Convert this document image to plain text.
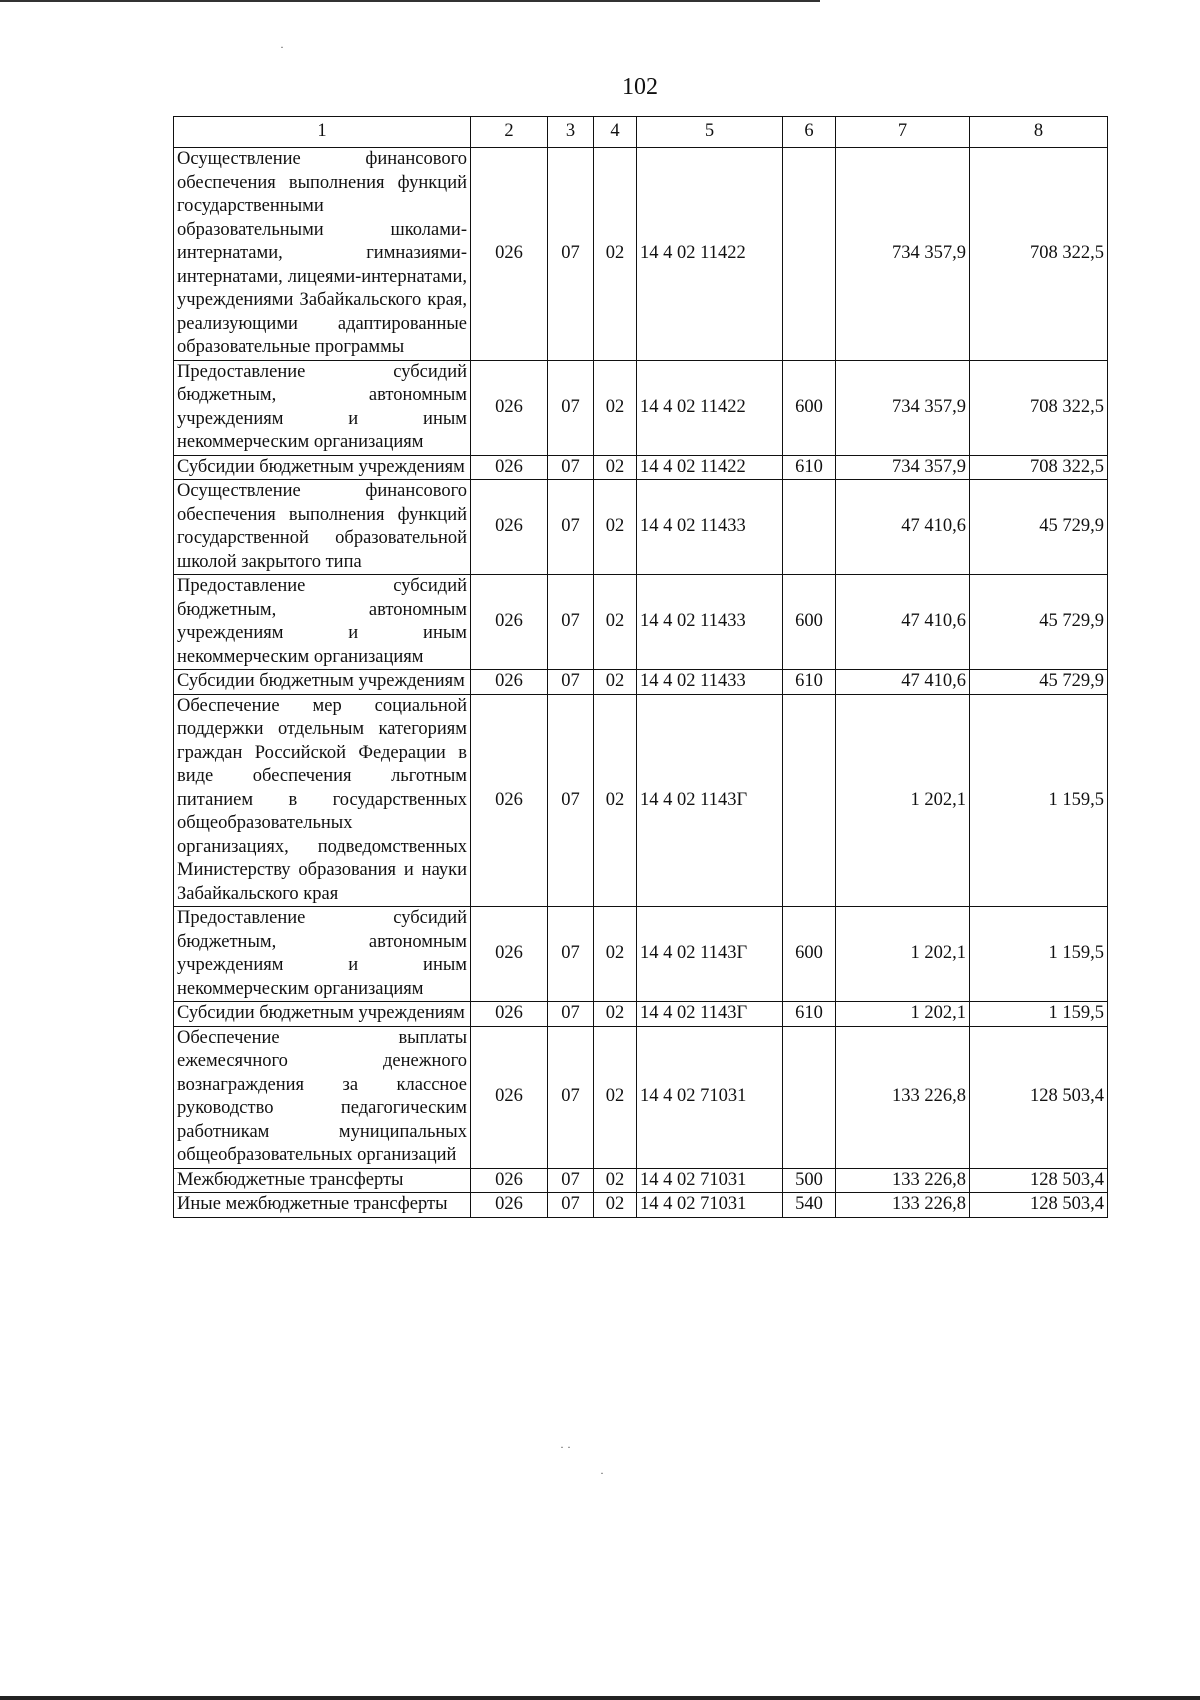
102
1	2	3	4	5	6	7	8
Осуществление финансового обеспечения выполнения функций государственными образовательными школами-интернатами, гимназиями-интернатами, лицеями-интернатами, учреждениями Забайкальского края, реализующими адаптированные образовательные программы	026	07	02	14 4 02 11422		734 357,9	708 322,5
Предоставление субсидий бюджетным, автономным учреждениям и иным некоммерческим организациям	026	07	02	14 4 02 11422	600	734 357,9	708 322,5
Субсидии бюджетным учреждениям	026	07	02	14 4 02 11422	610	734 357,9	708 322,5
Осуществление финансового обеспечения выполнения функций государственной образовательной школой закрытого типа	026	07	02	14 4 02 11433		47 410,6	45 729,9
Предоставление субсидий бюджетным, автономным учреждениям и иным некоммерческим организациям	026	07	02	14 4 02 11433	600	47 410,6	45 729,9
Субсидии бюджетным учреждениям	026	07	02	14 4 02 11433	610	47 410,6	45 729,9
Обеспечение мер социальной поддержки отдельным категориям граждан Российской Федерации в виде обеспечения льготным питанием в государственных общеобразовательных организациях, подведомственных Министерству образования и науки Забайкальского края	026	07	02	14 4 02 1143Г		1 202,1	1 159,5
Предоставление субсидий бюджетным, автономным учреждениям и иным некоммерческим организациям	026	07	02	14 4 02 1143Г	600	1 202,1	1 159,5
Субсидии бюджетным учреждениям	026	07	02	14 4 02 1143Г	610	1 202,1	1 159,5
Обеспечение выплаты ежемесячного денежного вознаграждения за классное руководство педагогическим работникам муниципальных общеобразовательных организаций	026	07	02	14 4 02 71031		133 226,8	128 503,4
Межбюджетные трансферты	026	07	02	14 4 02 71031	500	133 226,8	128 503,4
Иные межбюджетные трансферты	026	07	02	14 4 02 71031	540	133 226,8	128 503,4
·
· ·
·
